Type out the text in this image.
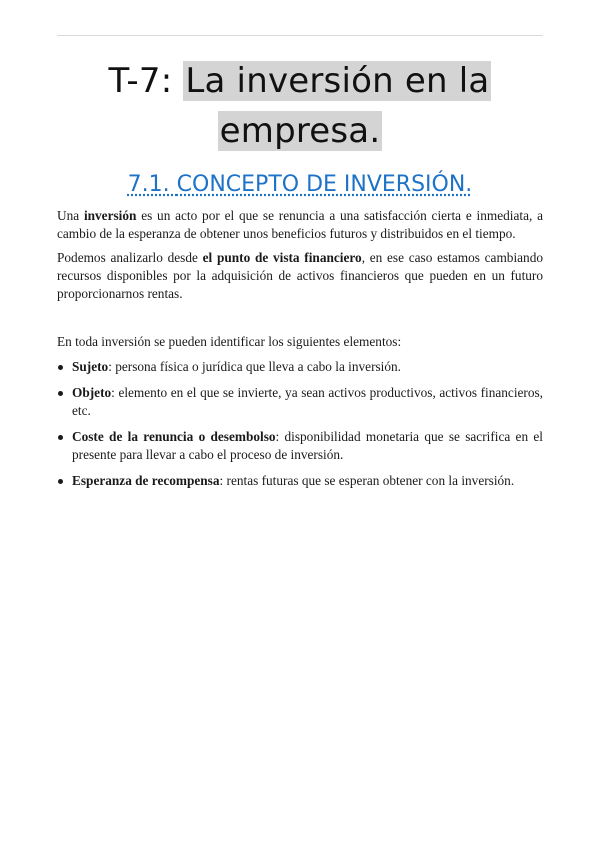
T-7: La inversión en la
empresa.
7.1. CONCEPTO DE INVERSIÓN.

Una inversión es un acto por el que se renuncia a una satisfacción cierta e inmediata, a cambio de la esperanza de obtener unos beneficios futuros y distribuidos en el tiempo.

Podemos analizarlo desde el punto de vista financiero, en ese caso estamos cambiando recursos disponibles por la adquisición de activos financieros que pueden en un futuro proporcionarnos rentas.

En toda inversión se pueden identificar los siguientes elementos:

Sujeto: persona física o jurídica que lleva a cabo la inversión.
Objeto: elemento en el que se invierte, ya sean activos productivos, activos financieros, etc.
Coste de la renuncia o desembolso: disponibilidad monetaria que se sacrifica en el presente para llevar a cabo el proceso de inversión.
Esperanza de recompensa: rentas futuras que se esperan obtener con la inversión.
